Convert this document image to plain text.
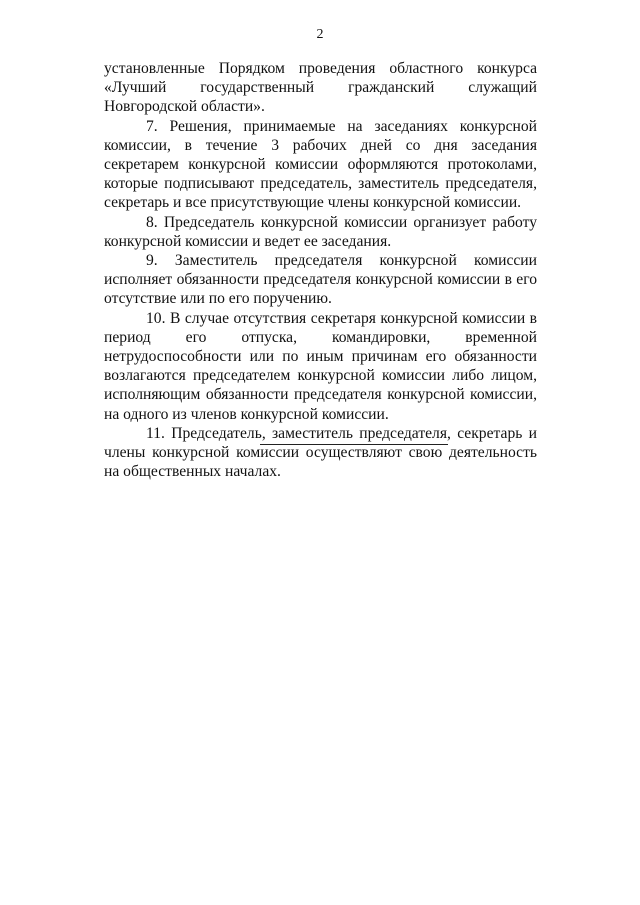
2

установленные Порядком проведения областного конкурса «Лучший государственный гражданский служащий Новгородской области».

7. Решения, принимаемые на заседаниях конкурсной комиссии, в течение 3 рабочих дней со дня заседания секретарем конкурсной комиссии оформляются протоколами, которые подписывают председатель, заместитель председателя, секретарь и все присутствующие члены конкурсной комиссии.

8. Председатель конкурсной комиссии организует работу конкурсной комиссии и ведет ее заседания.

9. Заместитель председателя конкурсной комиссии исполняет обязанности председателя конкурсной комиссии в его отсутствие или по его поручению.

10. В случае отсутствия секретаря конкурсной комиссии в период его отпуска, командировки, временной нетрудоспособности или по иным причинам его обязанности возлагаются председателем конкурсной комиссии либо лицом, исполняющим обязанности председателя конкурсной комиссии, на одного из членов конкурсной комиссии.

11. Председатель, заместитель председателя, секретарь и члены конкурсной комиссии осуществляют свою деятельность на общественных началах.
